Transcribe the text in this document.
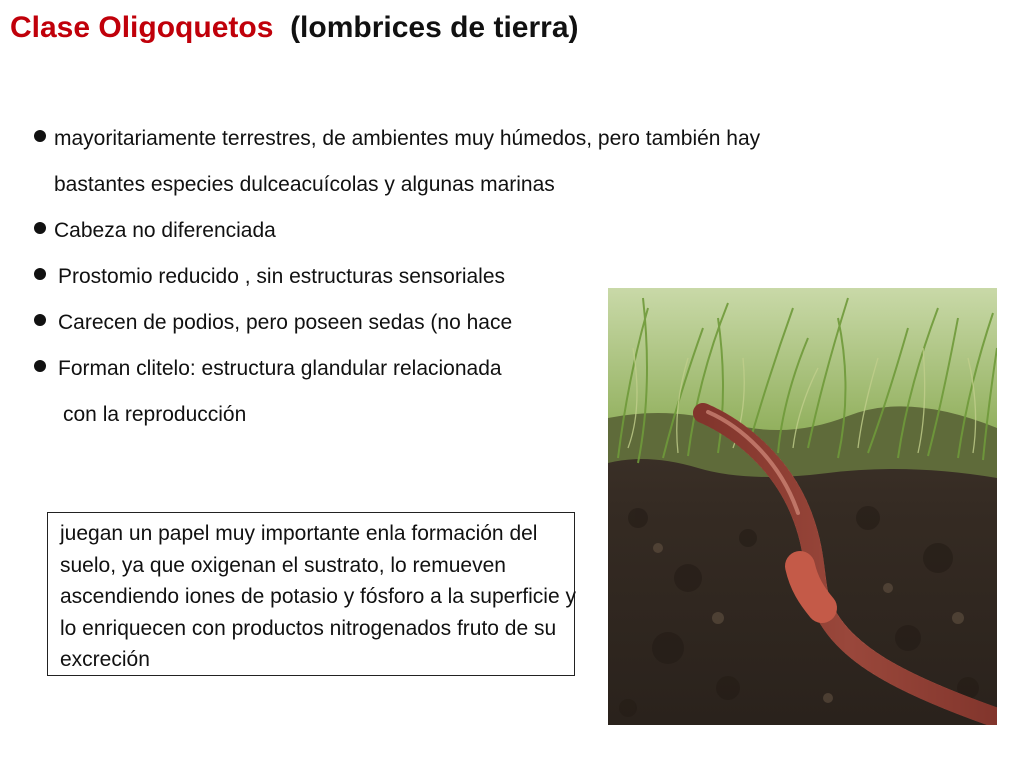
Clase Oligoquetos (lombrices de tierra)
mayoritariamente terrestres, de ambientes muy húmedos, pero también hay
bastantes especies dulceacuícolas y algunas marinas
Cabeza no diferenciada
Prostomio reducido , sin estructuras sensoriales
Carecen de podios, pero poseen sedas (no hace
Forman clitelo: estructura glandular relacionada
con la reproducción
juegan un papel muy importante enla formación del suelo, ya que oxigenan el sustrato, lo remueven ascendiendo iones de potasio y fósforo a la superficie y lo enriquecen con productos nitrogenados fruto de su excreción
